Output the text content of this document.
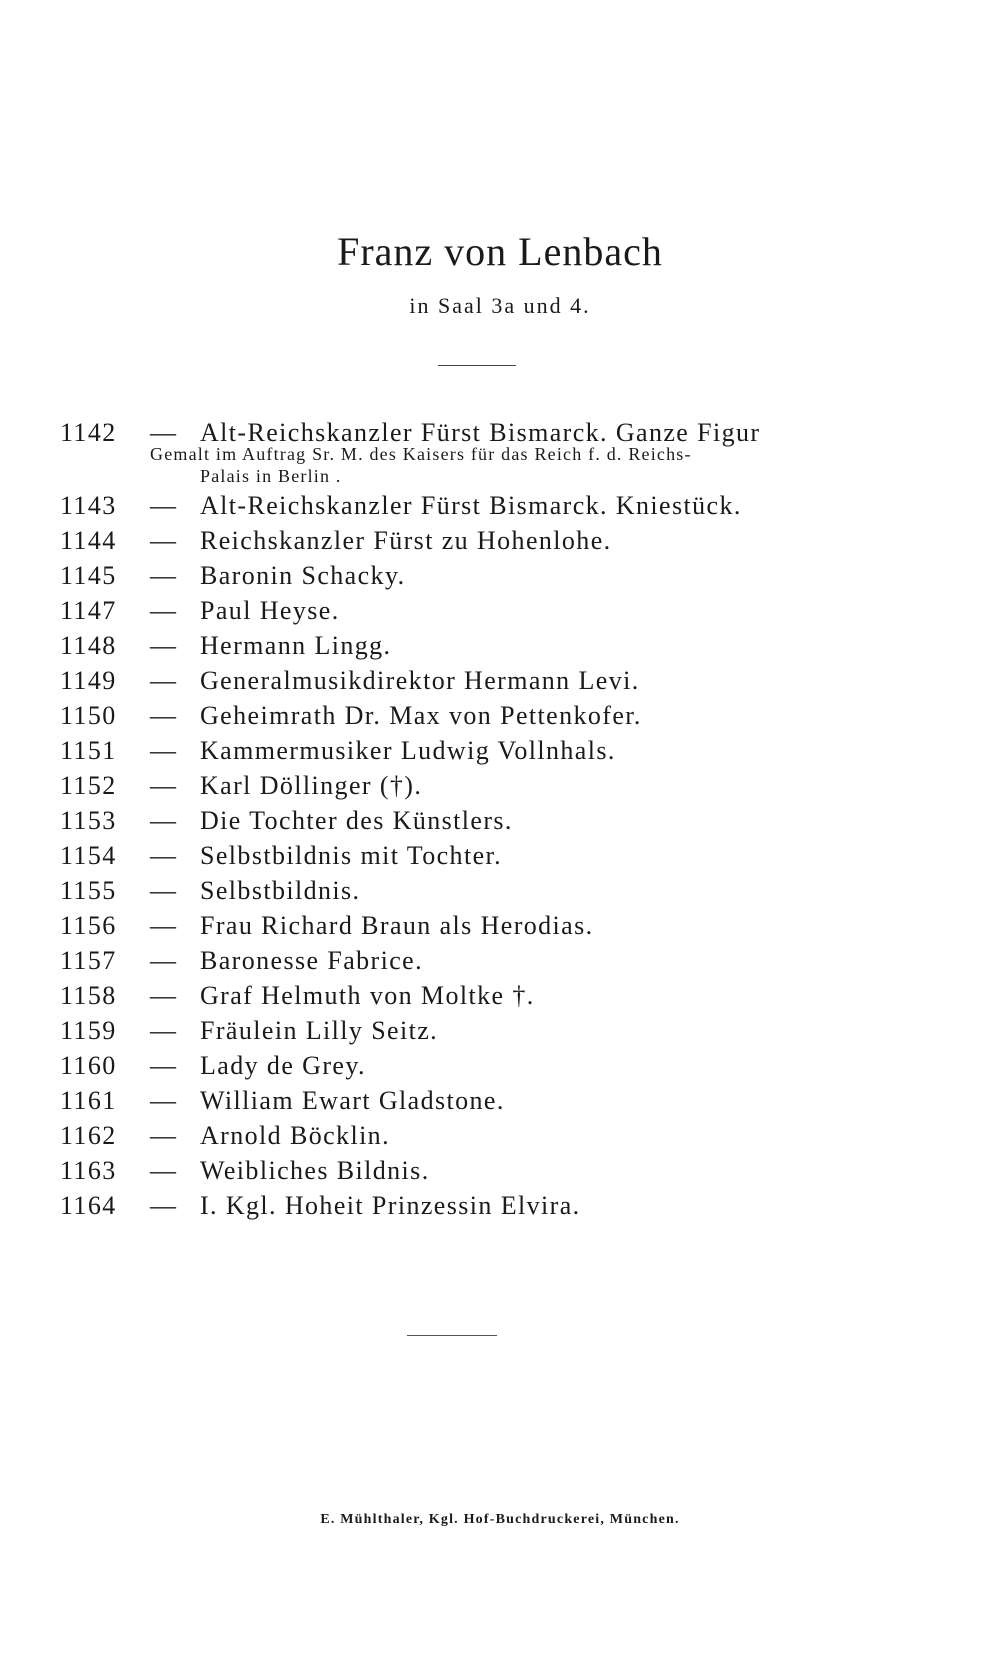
Franz von Lenbach
in Saal 3a und 4.
1142	— Alt-Reichskanzler Fürst Bismarck. Ganze Figur
Gemalt im Auftrag Sr. M. des Kaisers für das Reich f. d. Reichs-
Palais in Berlin .
1143	— Alt-Reichskanzler Fürst Bismarck. Kniestück.
1144	— Reichskanzler Fürst zu Hohenlohe.
1145	— Baronin Schacky.
1147	— Paul Heyse.
1148	— Hermann Lingg.
1149	— Generalmusikdirektor Hermann Levi.
1150	— Geheimrath Dr. Max von Pettenkofer.
1151	— Kammermusiker Ludwig Vollnhals.
1152	— Karl Döllinger (†).
1153	— Die Tochter des Künstlers.
1154	— Selbstbildnis mit Tochter.
1155	— Selbstbildnis.
1156	— Frau Richard Braun als Herodias.
1157	— Baronesse Fabrice.
1158	— Graf Helmuth von Moltke †.
1159	— Fräulein Lilly Seitz.
1160	— Lady de Grey.
1161	— William Ewart Gladstone.
1162	— Arnold Böcklin.
1163	— Weibliches Bildnis.
1164	— I. Kgl. Hoheit Prinzessin Elvira.
E. Mühlthaler, Kgl. Hof-Buchdruckerei, München.
